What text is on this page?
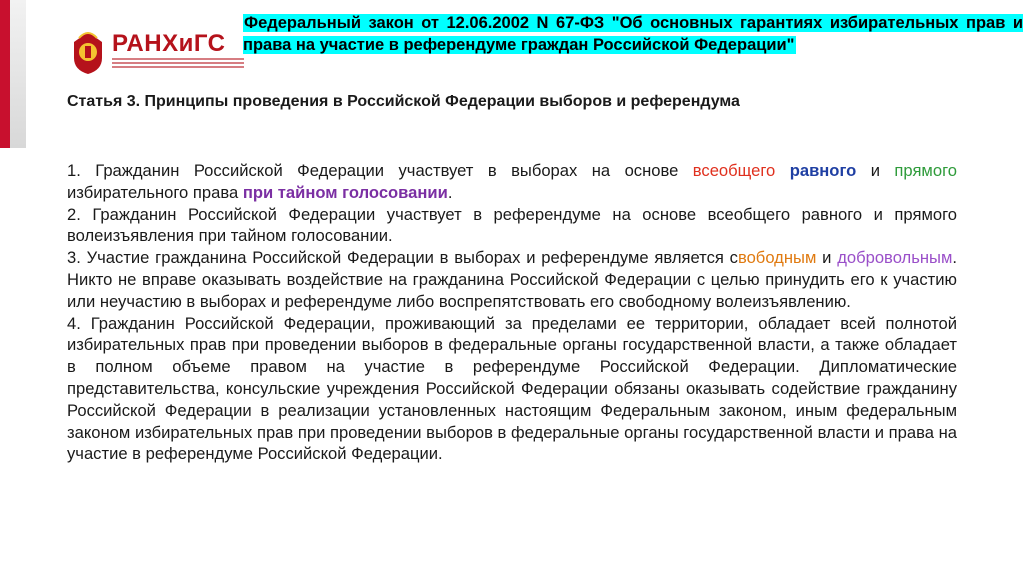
РАНХиГС

Федеральный закон от 12.06.2002 N 67-ФЗ "Об основных гарантиях избирательных прав и права на участие в референдуме граждан Российской Федерации"

Статья 3. Принципы проведения в Российской Федерации выборов и референдума

1. Гражданин Российской Федерации участвует в выборах на основе всеобщего равного и прямого избирательного права при тайном голосовании.

2. Гражданин Российской Федерации участвует в референдуме на основе всеобщего равного и прямого волеизъявления при тайном голосовании.

3. Участие гражданина Российской Федерации в выборах и референдуме является свободным и добровольным. Никто не вправе оказывать воздействие на гражданина Российской Федерации с целью принудить его к участию или неучастию в выборах и референдуме либо воспрепятствовать его свободному волеизъявлению.

4. Гражданин Российской Федерации, проживающий за пределами ее территории, обладает всей полнотой избирательных прав при проведении выборов в федеральные органы государственной власти, а также обладает в полном объеме правом на участие в референдуме Российской Федерации. Дипломатические представительства, консульские учреждения Российской Федерации обязаны оказывать содействие гражданину Российской Федерации в реализации установленных настоящим Федеральным законом, иным федеральным законом избирательных прав при проведении выборов в федеральные органы государственной власти и права на участие в референдуме Российской Федерации.
